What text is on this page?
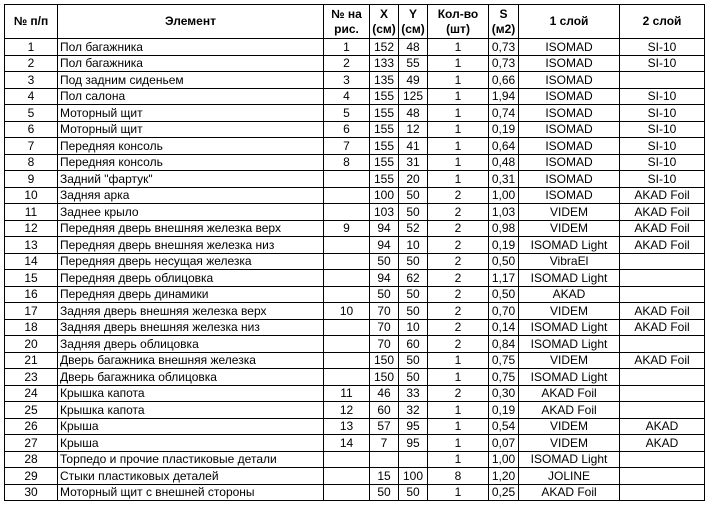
№ п/п	Элемент	№ на рис.	X (см)	Y (см)	Кол-во (шт)	S (м2)	1 слой	2 слой
1	Пол багажника	1	152	48	1	0,73	ISOMAD	SI-10
2	Пол багажника	2	133	55	1	0,73	ISOMAD	SI-10
3	Под задним сиденьем	3	135	49	1	0,66	ISOMAD	
4	Пол салона	4	155	125	1	1,94	ISOMAD	SI-10
5	Моторный щит	5	155	48	1	0,74	ISOMAD	SI-10
6	Моторный щит	6	155	12	1	0,19	ISOMAD	SI-10
7	Передняя консоль	7	155	41	1	0,64	ISOMAD	SI-10
8	Передняя консоль	8	155	31	1	0,48	ISOMAD	SI-10
9	Задний "фартук"		155	20	1	0,31	ISOMAD	SI-10
10	Задняя арка		100	50	2	1,00	ISOMAD	AKAD Foil
11	Заднее крыло		103	50	2	1,03	VIDEM	AKAD Foil
12	Передняя дверь внешняя железка верх	9	94	52	2	0,98	VIDEM	AKAD Foil
13	Передняя дверь внешняя железка низ		94	10	2	0,19	ISOMAD Light	AKAD Foil
14	Передняя дверь несущая железка		50	50	2	0,50	VibraEl	
15	Передняя дверь облицовка		94	62	2	1,17	ISOMAD Light	
16	Передняя дверь динамики		50	50	2	0,50	AKAD	
17	Задняя дверь внешняя железка верх	10	70	50	2	0,70	VIDEM	AKAD Foil
18	Задняя дверь внешняя железка низ		70	10	2	0,14	ISOMAD Light	AKAD Foil
20	Задняя дверь облицовка		70	60	2	0,84	ISOMAD Light	
21	Дверь багажника внешняя железка		150	50	1	0,75	VIDEM	AKAD Foil
23	Дверь багажника облицовка		150	50	1	0,75	ISOMAD Light	
24	Крышка капота	11	46	33	2	0,30	AKAD Foil	
25	Крышка капота	12	60	32	1	0,19	AKAD Foil	
26	Крыша	13	57	95	1	0,54	VIDEM	AKAD
27	Крыша	14	7	95	1	0,07	VIDEM	AKAD
28	Торпедо и прочие пластиковые детали				1	1,00	ISOMAD Light	
29	Стыки пластиковых деталей		15	100	8	1,20	JOLINE	
30	Моторный щит с внешней стороны		50	50	1	0,25	AKAD Foil	
